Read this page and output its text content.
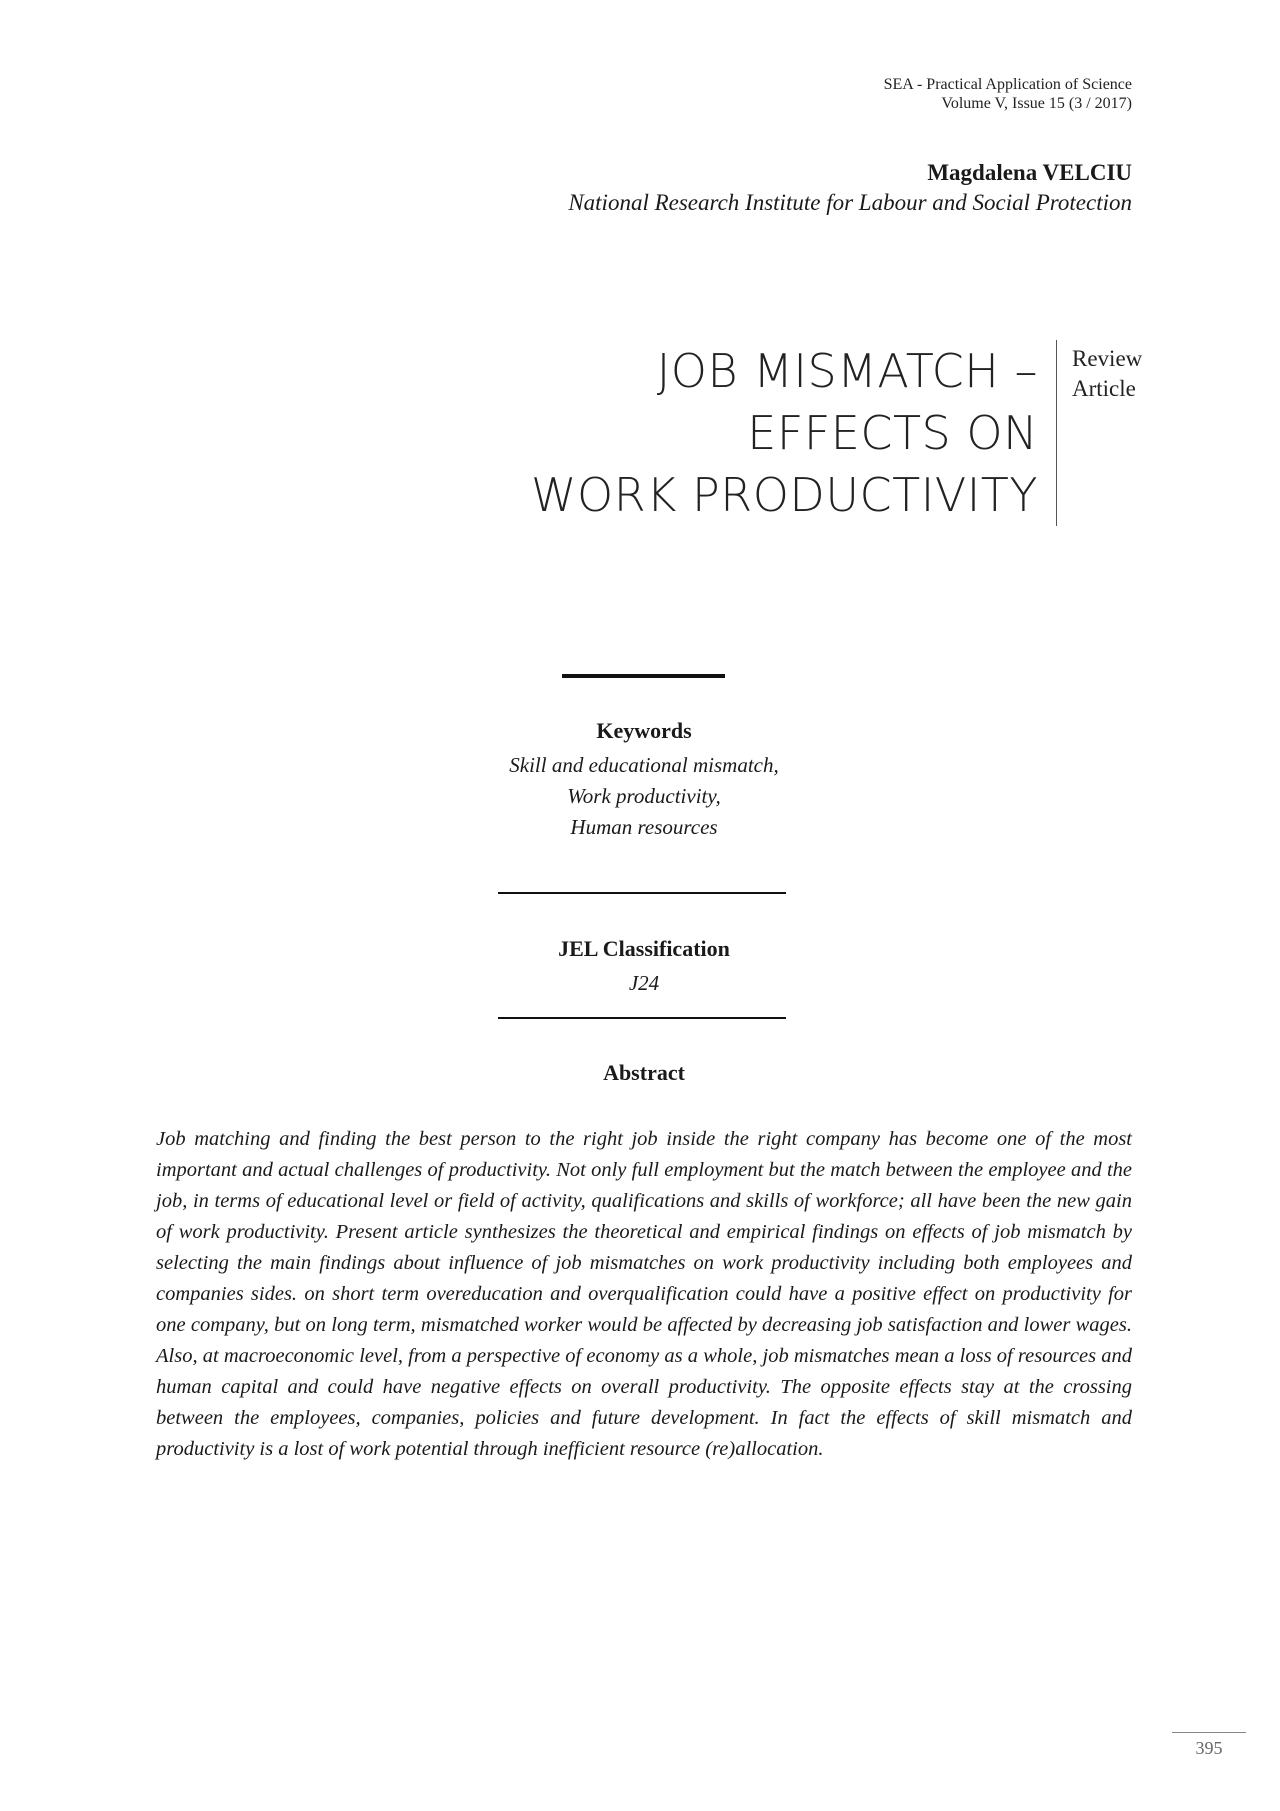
SEA - Practical Application of Science
Volume V, Issue 15 (3 / 2017)
Magdalena VELCIU
National Research Institute for Labour and Social Protection
JOB MISMATCH –
EFFECTS ON
WORK PRODUCTIVITY
Review
Article
Keywords
Skill and educational mismatch,
Work productivity,
Human resources
JEL Classification
J24
Abstract
Job matching and finding the best person to the right job inside the right company has become one of the most important and actual challenges of productivity. Not only full employment but the match between the employee and the job, in terms of educational level or field of activity, qualifications and skills of workforce; all have been the new gain of work productivity. Present article synthesizes the theoretical and empirical findings on effects of job mismatch by selecting the main findings about influence of job mismatches on work productivity including both employees and companies sides. on short term overeducation and overqualification could have a positive effect on productivity for one company, but on long term, mismatched worker would be affected by decreasing job satisfaction and lower wages. Also, at macroeconomic level, from a perspective of economy as a whole, job mismatches mean a loss of resources and human capital and could have negative effects on overall productivity. The opposite effects stay at the crossing between the employees, companies, policies and future development. In fact the effects of skill mismatch and productivity is a lost of work potential through inefficient resource (re)allocation.
395
